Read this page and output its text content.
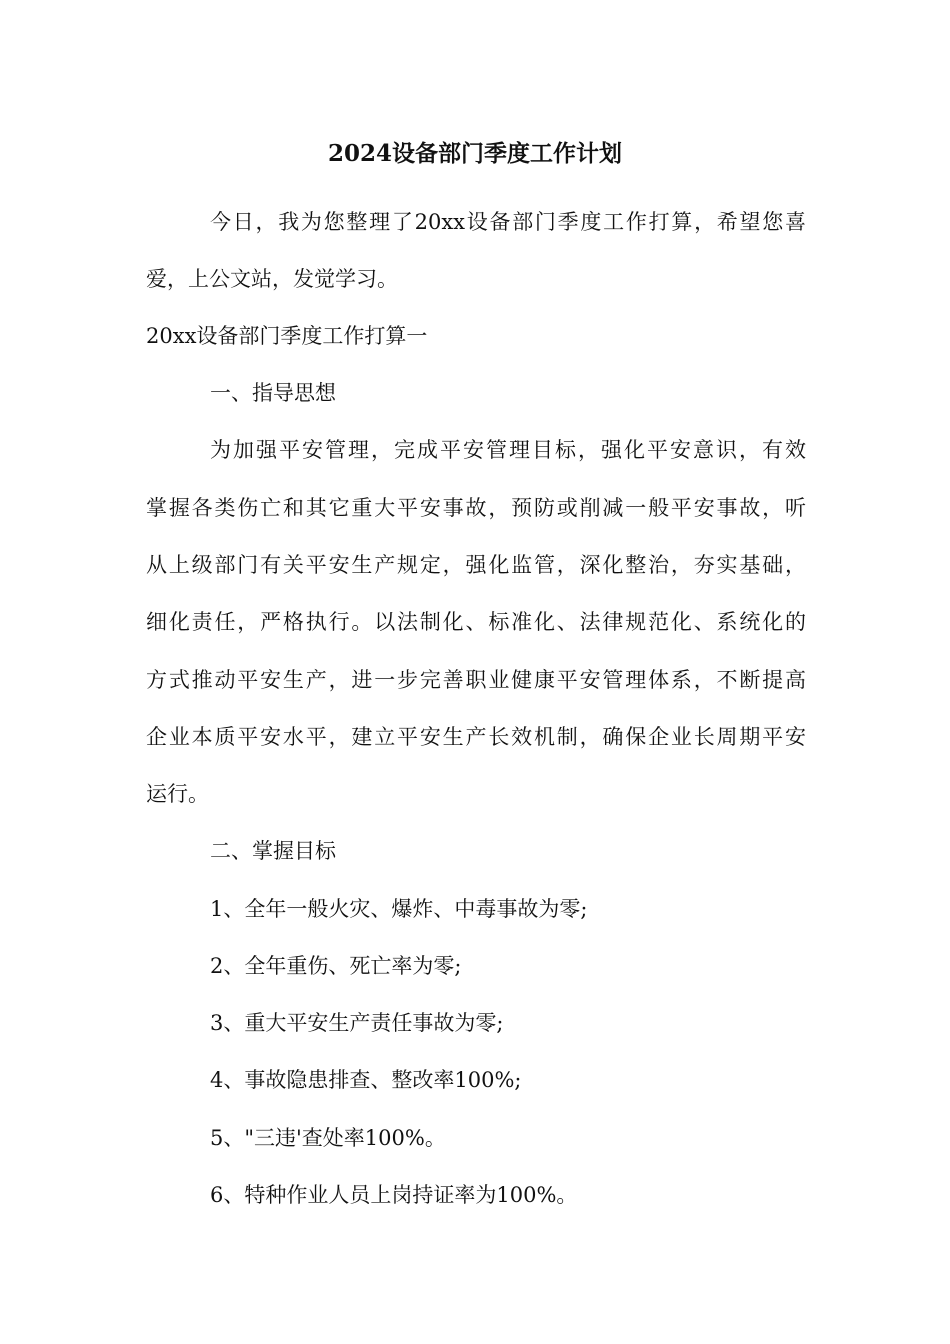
2024设备部门季度工作计划

今日，我为您整理了20xx设备部门季度工作打算，希望您喜

爱，上公文站，发觉学习。

20xx设备部门季度工作打算一

一、指导思想

为加强平安管理，完成平安管理目标，强化平安意识，有效

掌握各类伤亡和其它重大平安事故，预防或削减一般平安事故，听

从上级部门有关平安生产规定，强化监管，深化整治，夯实基础，

细化责任，严格执行。以法制化、标准化、法律规范化、系统化的

方式推动平安生产，进一步完善职业健康平安管理体系，不断提高

企业本质平安水平，建立平安生产长效机制，确保企业长周期平安

运行。

二、掌握目标

1、全年一般火灾、爆炸、中毒事故为零;

2、全年重伤、死亡率为零;

3、重大平安生产责任事故为零;

4、事故隐患排查、整改率100%;

5、"三违'查处率100%。

6、特种作业人员上岗持证率为100%。
